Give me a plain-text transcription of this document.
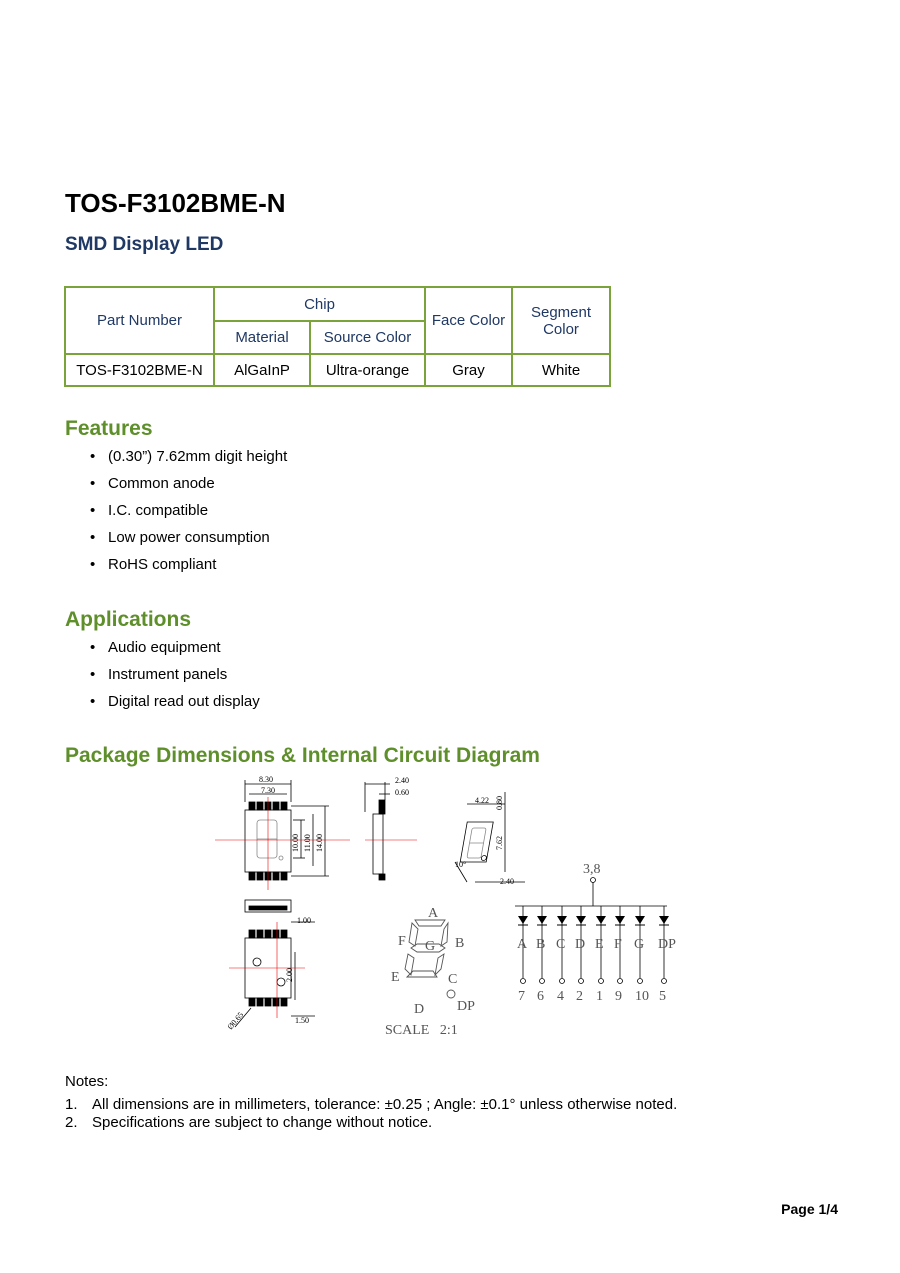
TOS-F3102BME-N
SMD Display LED
Part Number	Chip		Face Color	Segment Color
	Material	Source Color		
TOS-F3102BME-N	AlGaInP	Ultra-orange	Gray	White
Features
• (0.30”) 7.62mm digit height
• Common anode
• I.C. compatible
• Low power consumption
• RoHS compliant
Applications
• Audio equipment
• Instrument panels
• Digital read out display
Package Dimensions & Internal Circuit Diagram
8.30
7.30
2.40
0.60
4.22
2.40
10°
1.00
1.50
10.00 11.00 14.00
0.80
7.62
2.00
Ø0.65
A
B
C
D
E
F G
DP
SCALE   2:1
3,8
A
7
B
6
C
4
D
2
E
1
F
9
G
10
DP
5
Notes:
1. All dimensions are in millimeters, tolerance: ±0.25 ; Angle: ±0.1° unless otherwise noted.
2. Specifications are subject to change without notice.
Page 1/4
